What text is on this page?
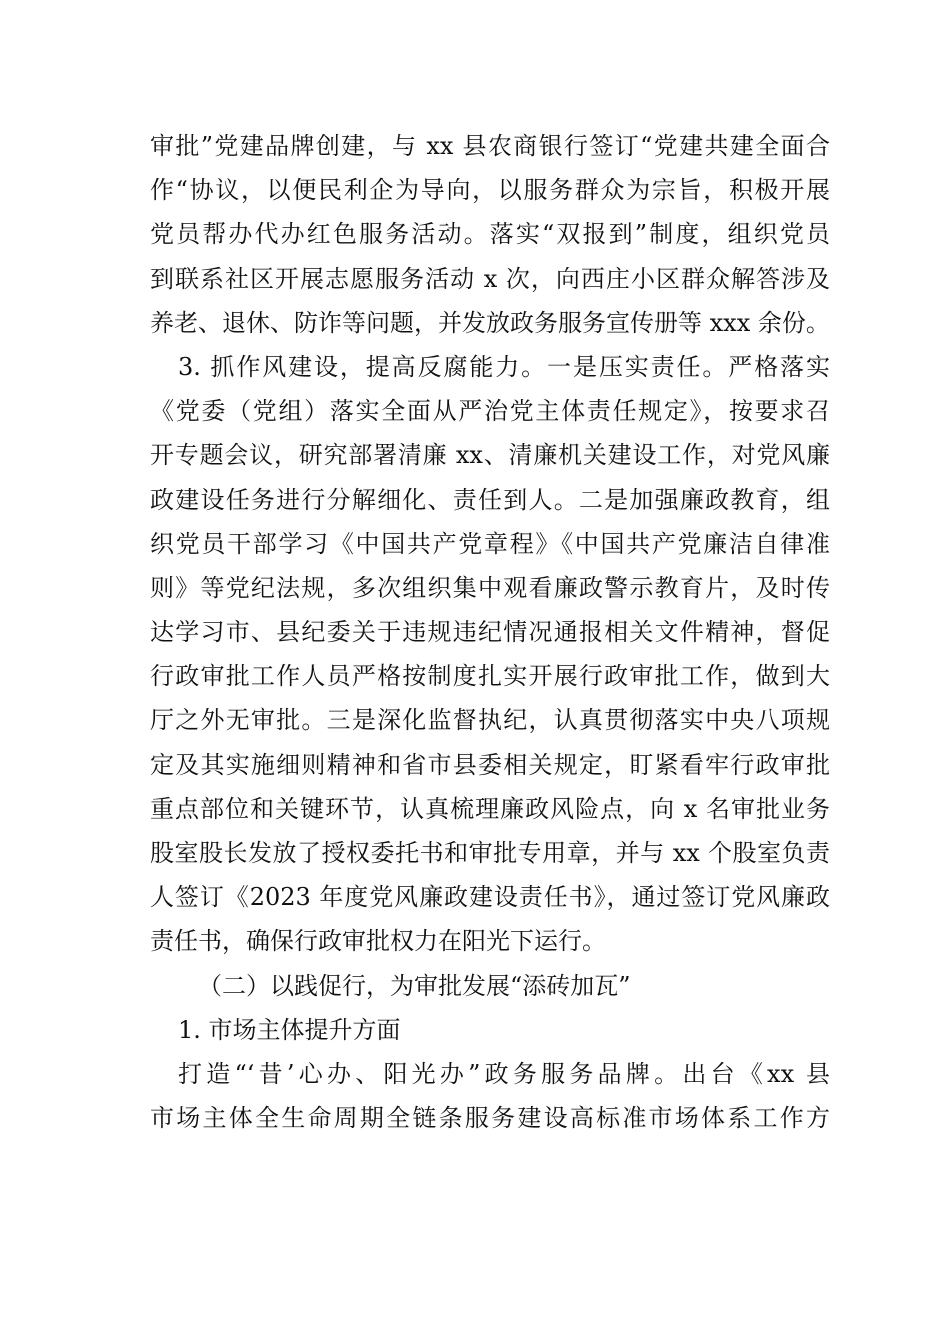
审批”党建品牌创建，与 xx 县农商银行签订“党建共建全面合
作“协议，以便民利企为导向，以服务群众为宗旨，积极开展
党员帮办代办红色服务活动。落实“双报到”制度，组织党员
到联系社区开展志愿服务活动 x 次，向西庄小区群众解答涉及
养老、退休、防诈等问题，并发放政务服务宣传册等 xxx 余份。
3. 抓作风建设，提高反腐能力。一是压实责任。严格落实
《党委（党组）落实全面从严治党主体责任规定》，按要求召
开专题会议，研究部署清廉 xx、清廉机关建设工作，对党风廉
政建设任务进行分解细化、责任到人。二是加强廉政教育，组
织党员干部学习《中国共产党章程》《中国共产党廉洁自律准
则》等党纪法规，多次组织集中观看廉政警示教育片，及时传
达学习市、县纪委关于违规违纪情况通报相关文件精神，督促
行政审批工作人员严格按制度扎实开展行政审批工作，做到大
厅之外无审批。三是深化监督执纪，认真贯彻落实中央八项规
定及其实施细则精神和省市县委相关规定，盯紧看牢行政审批
重点部位和关键环节，认真梳理廉政风险点，向 x 名审批业务
股室股长发放了授权委托书和审批专用章，并与 xx 个股室负责
人签订《2023 年度党风廉政建设责任书》，通过签订党风廉政
责任书，确保行政审批权力在阳光下运行。
（二）以践促行，为审批发展“添砖加瓦”
1. 市场主体提升方面
打造“‘昔’心办、阳光办”政务服务品牌。出台《xx 县
市场主体全生命周期全链条服务建设高标准市场体系工作方
